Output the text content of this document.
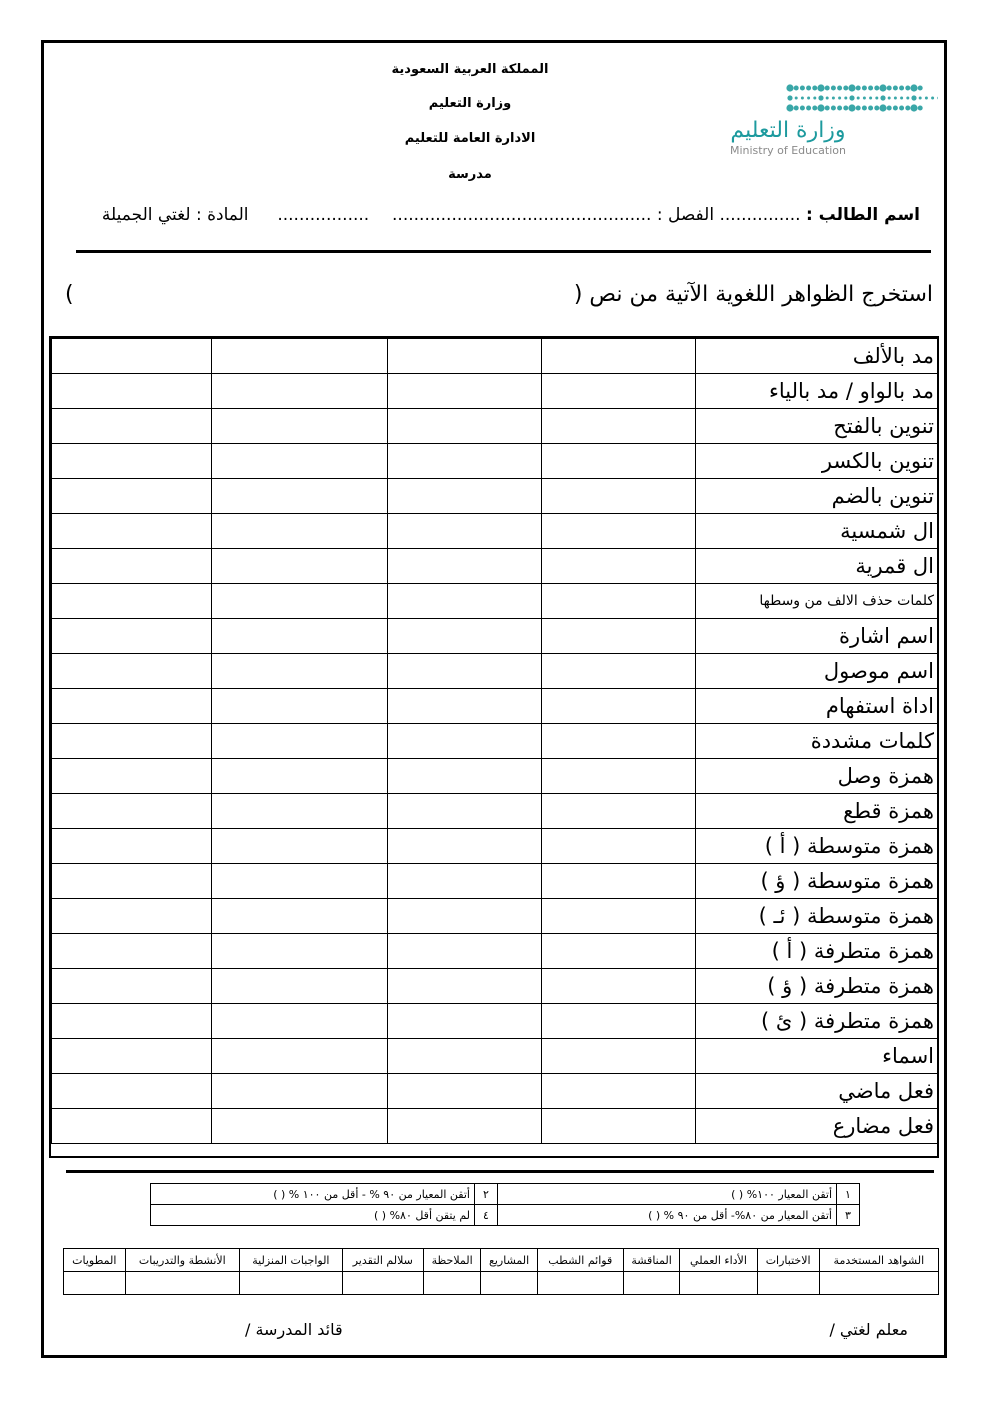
المملكة العربية السعودية
وزارة التعليم
الادارة العامة للتعليم
مدرسة
وزارة التعليم
Ministry of Education
اسم الطالب : ............... الفصل : ................................................  .................  المادة : لغتي الجميلة
استخرج الظواهر اللغوية الآتية من نص (
)
مد بالألف				
مد بالواو / مد بالياء				
تنوين بالفتح				
تنوين بالكسر				
تنوين بالضم				
ال شمسية				
ال قمرية				
كلمات حذف الالف من وسطها				
اسم اشارة				
اسم موصول				
اداة استفهام				
كلمات مشددة				
همزة وصل				
همزة قطع				
همزة متوسطة ( أ )				
همزة متوسطة ( ؤ )				
همزة متوسطة ( ئـ )				
همزة متطرفة ( أ )				
همزة متطرفة ( ؤ )				
همزة متطرفة ( ئ )				
اسماء				
فعل ماضي				
فعل مضارع				
١	أتقن المعيار ١٠٠% ( )	٢	أتقن المعيار من ٩٠ % - أقل من ١٠٠ % ( )
٣	أتقن المعيار من ٨٠%- أقل من ٩٠ % ( )	٤	لم يتقن أقل ٨٠% ( )
الشواهد المستخدمة	الاختبارات	الأداء العملي	المناقشة	قوائم الشطب	المشاريع	الملاحظة	سلالم التقدير	الواجبات المنزلية	الأنشطة والتدريبات	المطويات

معلم لغتي /
قائد المدرسة /
